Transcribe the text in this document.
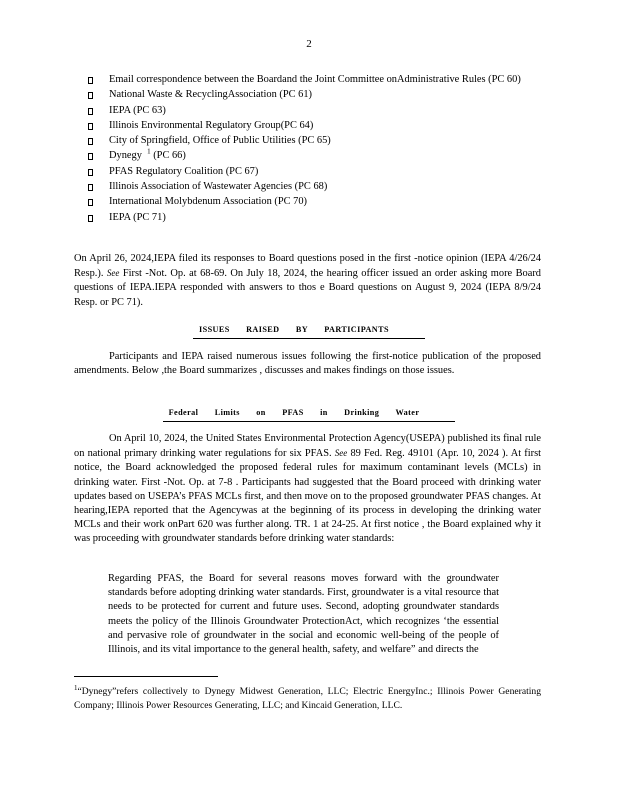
2
Email correspondence between the Boardand the Joint Committee onAdministrative Rules (PC 60)
National Waste & RecyclingAssociation (PC 61)
IEPA (PC 63)
Illinois Environmental Regulatory Group(PC 64)
City of Springfield, Office of Public Utilities (PC 65)
Dynegy $^1$ (PC 66)
PFAS Regulatory Coalition (PC 67)
Illinois Association of Wastewater Agencies (PC 68)
International Molybdenum Association (PC 70)
IEPA (PC 71)

On April 26, 2024,IEPA filed its responses to Board questions posed in the first -notice opinion (IEPA 4/26/24 Resp.). See First -Not. Op. at 68-69. On July 18, 2024, the hearing officer issued an order asking more Board questions of IEPA.IEPA responded with answers to thos e Board questions on August 9, 2024 (IEPA 8/9/24 Resp. or PC 71).

ISSUES RAISED BY PARTICIPANTS

Participants and IEPA raised numerous issues following the first-notice publication of the proposed amendments. Below ,the Board summarizes , discusses and makes findings on those issues.

Federal Limits on PFAS in Drinking Water

On April 10, 2024, the United States Environmental Protection Agency(USEPA) published its final rule on national primary drinking water regulations for six PFAS. See 89 Fed. Reg. 49101 (Apr. 10, 2024 ). At first notice, the Board acknowledged the proposed federal rules for maximum contaminant levels (MCLs) in drinking water. First -Not. Op. at 7-8 . Participants had suggested that the Board proceed with drinking water updates based on USEPA’s PFAS MCLs first, and then move on to the proposed groundwater PFAS changes. At hearing,IEPA reported that the Agencywas at the beginning of its process in developing the drinking water MCLs and their work onPart 620 was further along. TR. 1 at 24-25. At first notice , the Board explained why it was proceeding with groundwater standards before drinking water standards:

Regarding PFAS, the Board for several reasons moves forward with the groundwater standards before adopting drinking water standards. First, groundwater is a vital resource that needs to be protected for current and future uses. Second, adopting groundwater standards meets the policy of the Illinois Groundwater ProtectionAct, which recognizes ‘the essential and pervasive role of groundwater in the social and economic well-being of the people of Illinois, and its vital importance to the general health, safety, and welfare” and directs the

$^1$“Dynegy”refers collectively to Dynegy Midwest Generation, LLC; Electric EnergyInc.; Illinois Power Generating Company; Illinois Power Resources Generating, LLC; and Kincaid Generation, LLC.
